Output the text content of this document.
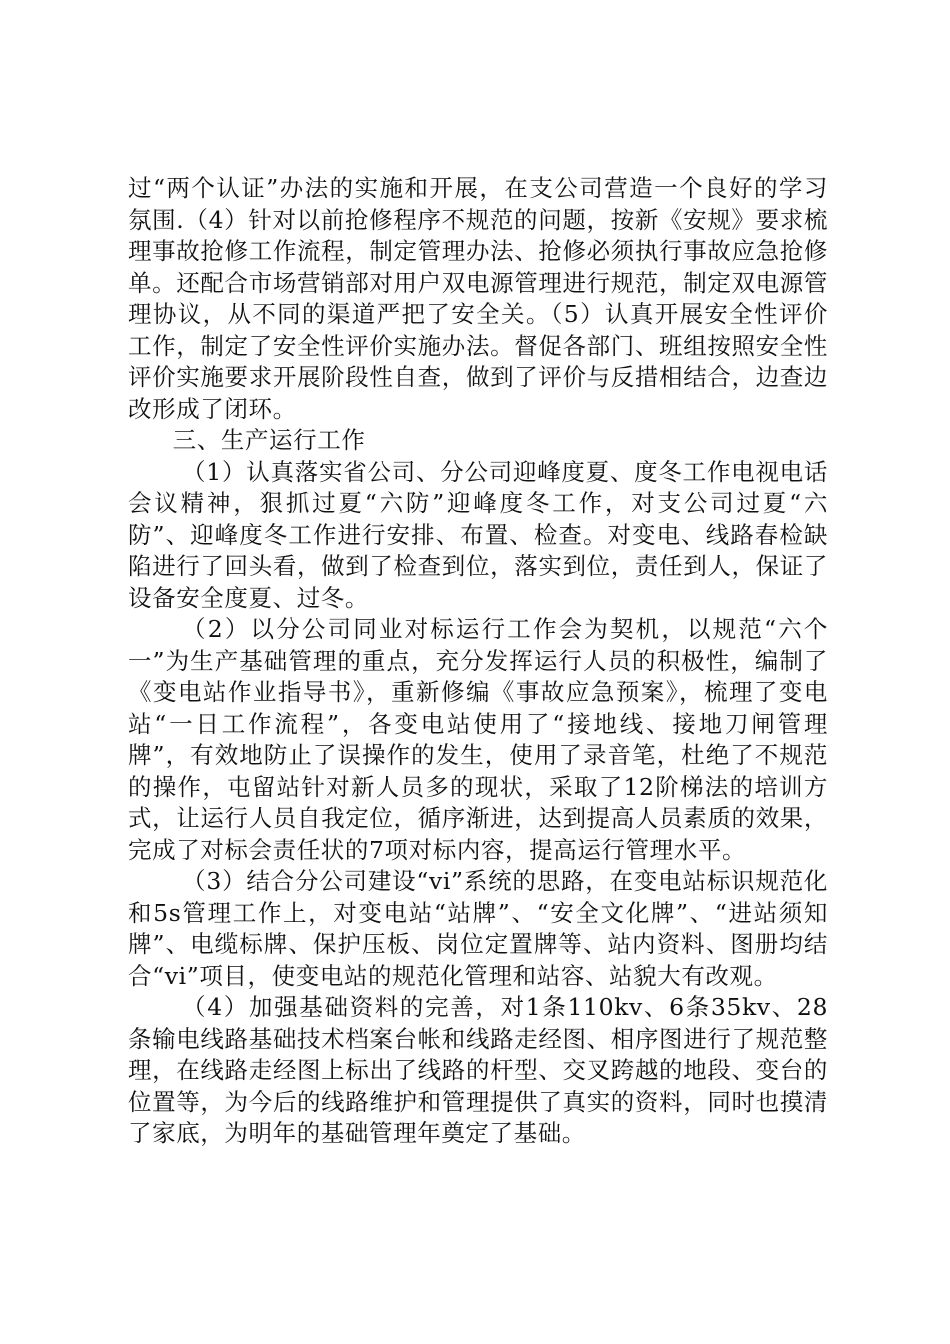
过“两个认证”办法的实施和开展，在支公司营造一个良好的学习氛围.（4）针对以前抢修程序不规范的问题，按新《安规》要求梳理事故抢修工作流程，制定管理办法、抢修必须执行事故应急抢修单。还配合市场营销部对用户双电源管理进行规范，制定双电源管理协议，从不同的渠道严把了安全关。（5）认真开展安全性评价工作，制定了安全性评价实施办法。督促各部门、班组按照安全性评价实施要求开展阶段性自查，做到了评价与反措相结合，边查边改形成了闭环。

三、生产运行工作

（1）认真落实省公司、分公司迎峰度夏、度冬工作电视电话会议精神，狠抓过夏“六防”迎峰度冬工作，对支公司过夏“六防”、迎峰度冬工作进行安排、布置、检查。对变电、线路春检缺陷进行了回头看，做到了检查到位，落实到位，责任到人，保证了设备安全度夏、过冬。

（2）以分公司同业对标运行工作会为契机，以规范“六个一”为生产基础管理的重点，充分发挥运行人员的积极性，编制了《变电站作业指导书》，重新修编《事故应急预案》，梳理了变电站“一日工作流程”，各变电站使用了“接地线、接地刀闸管理牌”，有效地防止了误操作的发生，使用了录音笔，杜绝了不规范的操作，屯留站针对新人员多的现状，采取了12阶梯法的培训方式，让运行人员自我定位，循序渐进，达到提高人员素质的效果，完成了对标会责任状的7项对标内容，提高运行管理水平。

（3）结合分公司建设“vi”系统的思路，在变电站标识规范化和5s管理工作上，对变电站“站牌”、“安全文化牌”、“进站须知牌”、电缆标牌、保护压板、岗位定置牌等、站内资料、图册均结合“vi”项目，使变电站的规范化管理和站容、站貌大有改观。

（4）加强基础资料的完善，对1条110kv、6条35kv、28条输电线路基础技术档案台帐和线路走经图、相序图进行了规范整理，在线路走经图上标出了线路的杆型、交叉跨越的地段、变台的位置等，为今后的线路维护和管理提供了真实的资料，同时也摸清了家底，为明年的基础管理年奠定了基础。
